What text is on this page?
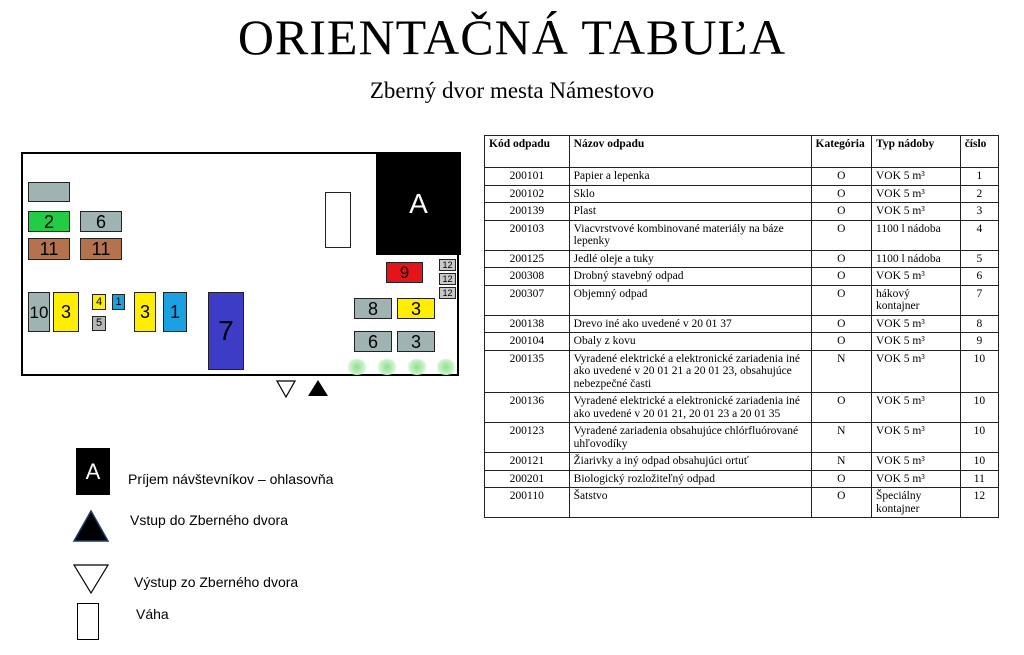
ORIENTAČNÁ TABUĽA
Zberný dvor mesta Námestovo
2	6
11	11
10 3
4	1
5
3	1
7
A
9	12
12
12
8	3
6	3
A	Príjem návštevníkov – ohlasovňa
Vstup do Zberného dvora
Výstup zo Zberného dvora
Váha
Kód odpadu	Názov odpadu	Kategória	Typ nádoby	číslo
200101	Papier a lepenka	O	VOK 5 m³	1
200102	Sklo	O	VOK 5 m³	2
200139	Plast	O	VOK 5 m³	3
200103	Viacvrstvové kombinované materiály na báze lepenky	O	1100 l nádoba	4
200125	Jedlé oleje a tuky	O	1100 l nádoba	5
200308	Drobný stavebný odpad	O	VOK 5 m³	6
200307	Objemný odpad	O	hákový kontajner	7
200138	Drevo iné ako uvedené v 20 01 37	O	VOK 5 m³	8
200104	Obaly z kovu	O	VOK 5 m³	9
200135	Vyradené elektrické a elektronické zariadenia iné ako uvedené v 20 01 21 a 20 01 23, obsahujúce nebezpečné časti	N	VOK 5 m³	10
200136	Vyradené elektrické a elektronické zariadenia iné ako uvedené v 20 01 21, 20 01 23 a 20 01 35	O	VOK 5 m³	10
200123	Vyradené zariadenia obsahujúce chlórfluórované uhľovodíky	N	VOK 5 m³	10
200121	Žiarivky a iný odpad obsahujúci ortuť	N	VOK 5 m³	10
200201	Biologický rozložiteľný odpad	O	VOK 5 m³	11
200110	Šatstvo	O	Špeciálny kontajner	12
